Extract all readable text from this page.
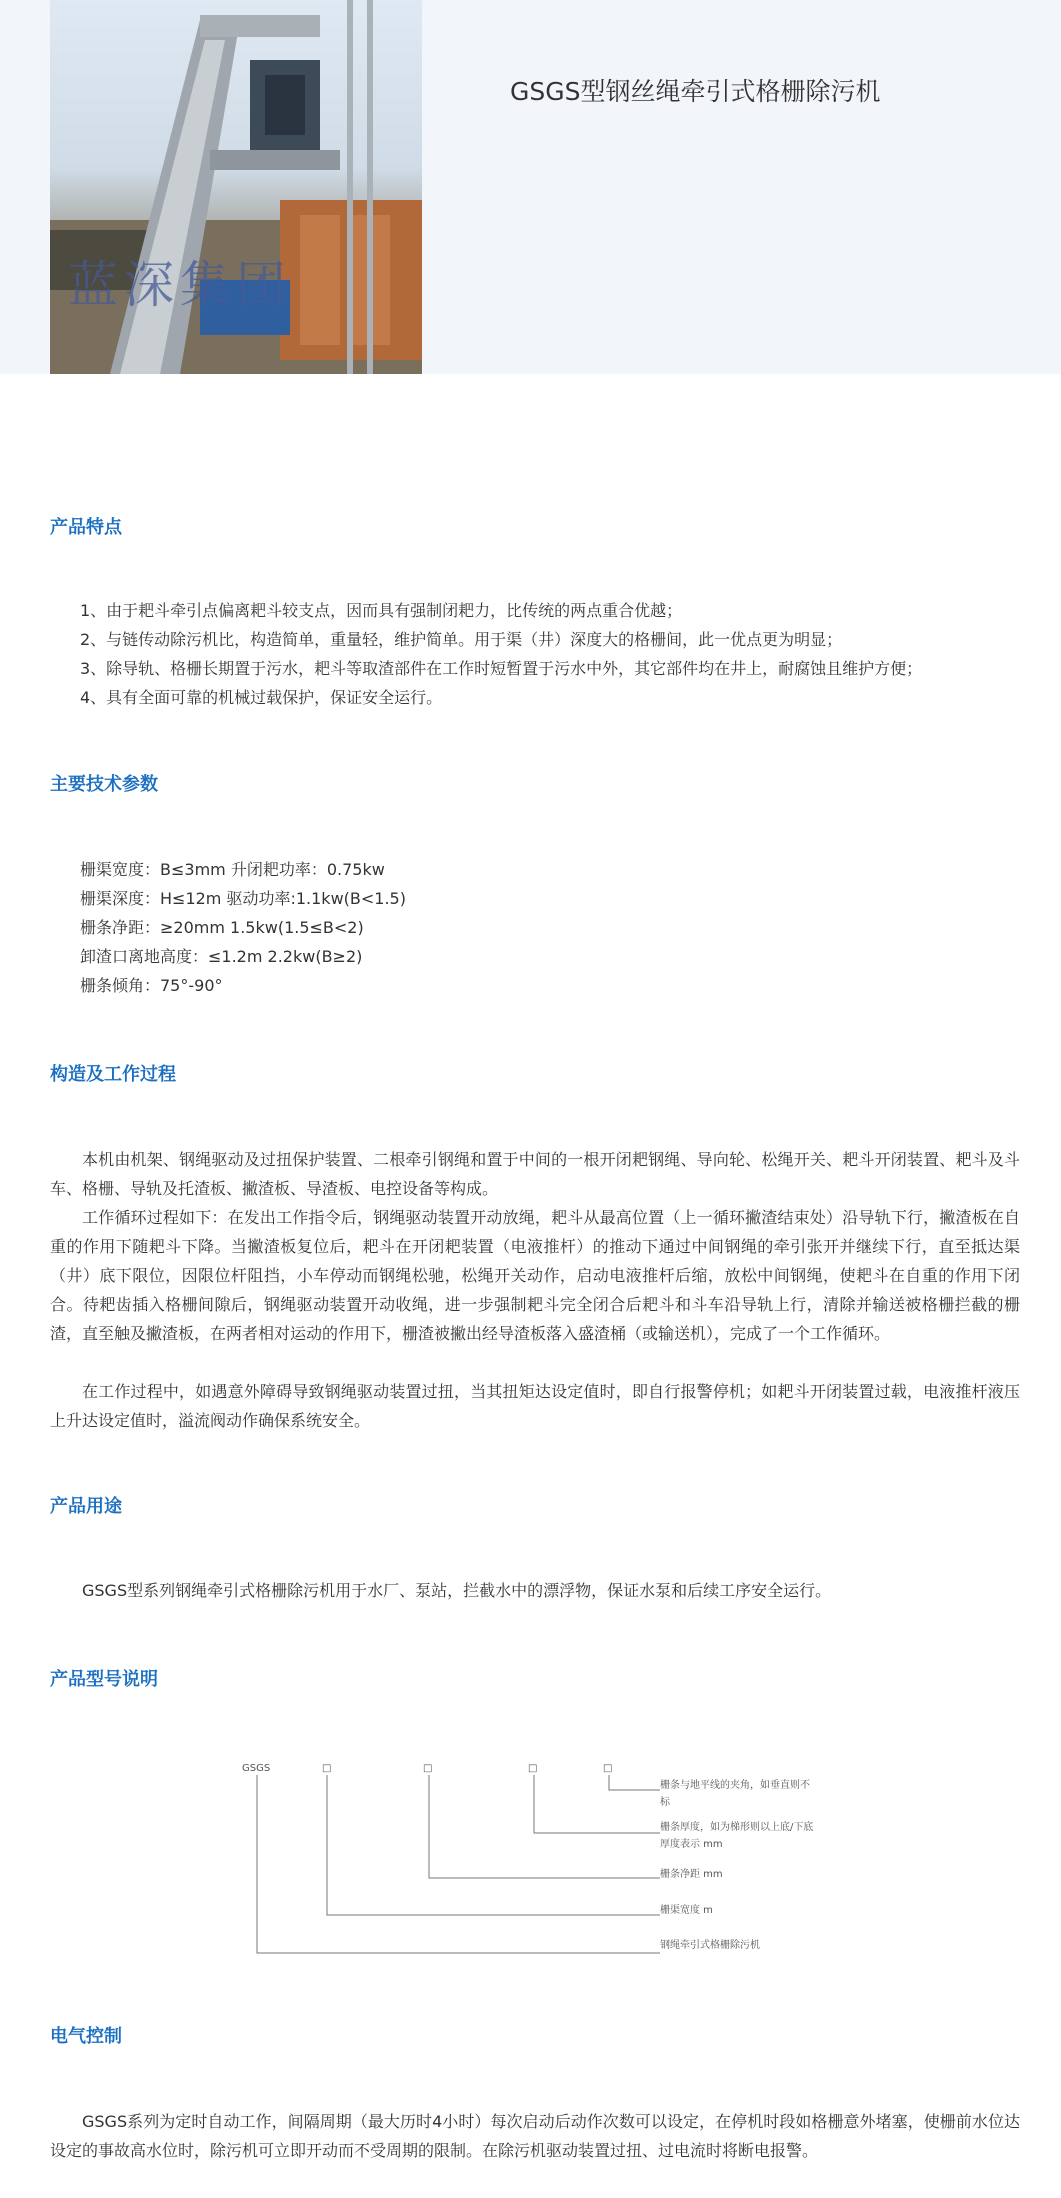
蓝深集团
GSGS型钢丝绳牵引式格栅除污机
产品特点
1、由于耙斗牵引点偏离耙斗较支点，因而具有强制闭耙力，比传统的两点重合优越；
2、与链传动除污机比，构造简单，重量轻，维护简单。用于渠（井）深度大的格栅间，此一优点更为明显；
3、除导轨、格栅长期置于污水，耙斗等取渣部件在工作时短暂置于污水中外，其它部件均在井上，耐腐蚀且维护方便；
4、具有全面可靠的机械过载保护，保证安全运行。
主要技术参数
栅渠宽度：B≤3mm 升闭耙功率：0.75kw
栅渠深度：H≤12m 驱动功率:1.1kw(B<1.5)
栅条净距：≥20mm 1.5kw(1.5≤B<2)
卸渣口离地高度：≤1.2m 2.2kw(B≥2)
栅条倾角：75°-90°
构造及工作过程

本机由机架、钢绳驱动及过扭保护装置、二根牵引钢绳和置于中间的一根开闭耙钢绳、导向轮、松绳开关、耙斗开闭装置、耙斗及斗车、格栅、导轨及托渣板、撇渣板、导渣板、电控设备等构成。

工作循环过程如下：在发出工作指令后，钢绳驱动装置开动放绳，耙斗从最高位置（上一循环撇渣结束处）沿导轨下行，撇渣板在自重的作用下随耙斗下降。当撇渣板复位后，耙斗在开闭耙装置（电液推杆）的推动下通过中间钢绳的牵引张开并继续下行，直至抵达渠（井）底下限位，因限位杆阻挡，小车停动而钢绳松驰，松绳开关动作，启动电液推杆后缩，放松中间钢绳，使耙斗在自重的作用下闭合。待耙齿插入格栅间隙后，钢绳驱动装置开动收绳，进一步强制耙斗完全闭合后耙斗和斗车沿导轨上行，清除并输送被格栅拦截的栅渣，直至触及撇渣板，在两者相对运动的作用下，栅渣被撇出经导渣板落入盛渣桶（或输送机），完成了一个工作循环。

在工作过程中，如遇意外障碍导致钢绳驱动装置过扭，当其扭矩达设定值时，即自行报警停机；如耙斗开闭装置过载，电液推杆液压上升达设定值时，溢流阀动作确保系统安全。

产品用途

GSGS型系列钢绳牵引式格栅除污机用于水厂、泵站，拦截水中的漂浮物，保证水泵和后续工序安全运行。

产品型号说明
GSGS	□	□	□	□
栅条与地平线的夹角，如垂直则不
标
栅条厚度，如为梯形则以上底/下底
厚度表示 mm
栅条净距 mm
栅渠宽度 m
钢绳牵引式格栅除污机
电气控制

GSGS系列为定时自动工作，间隔周期（最大历时4小时）每次启动后动作次数可以设定，在停机时段如格栅意外堵塞，使栅前水位达设定的事故高水位时，除污机可立即开动而不受周期的限制。在除污机驱动装置过扭、过电流时将断电报警。
